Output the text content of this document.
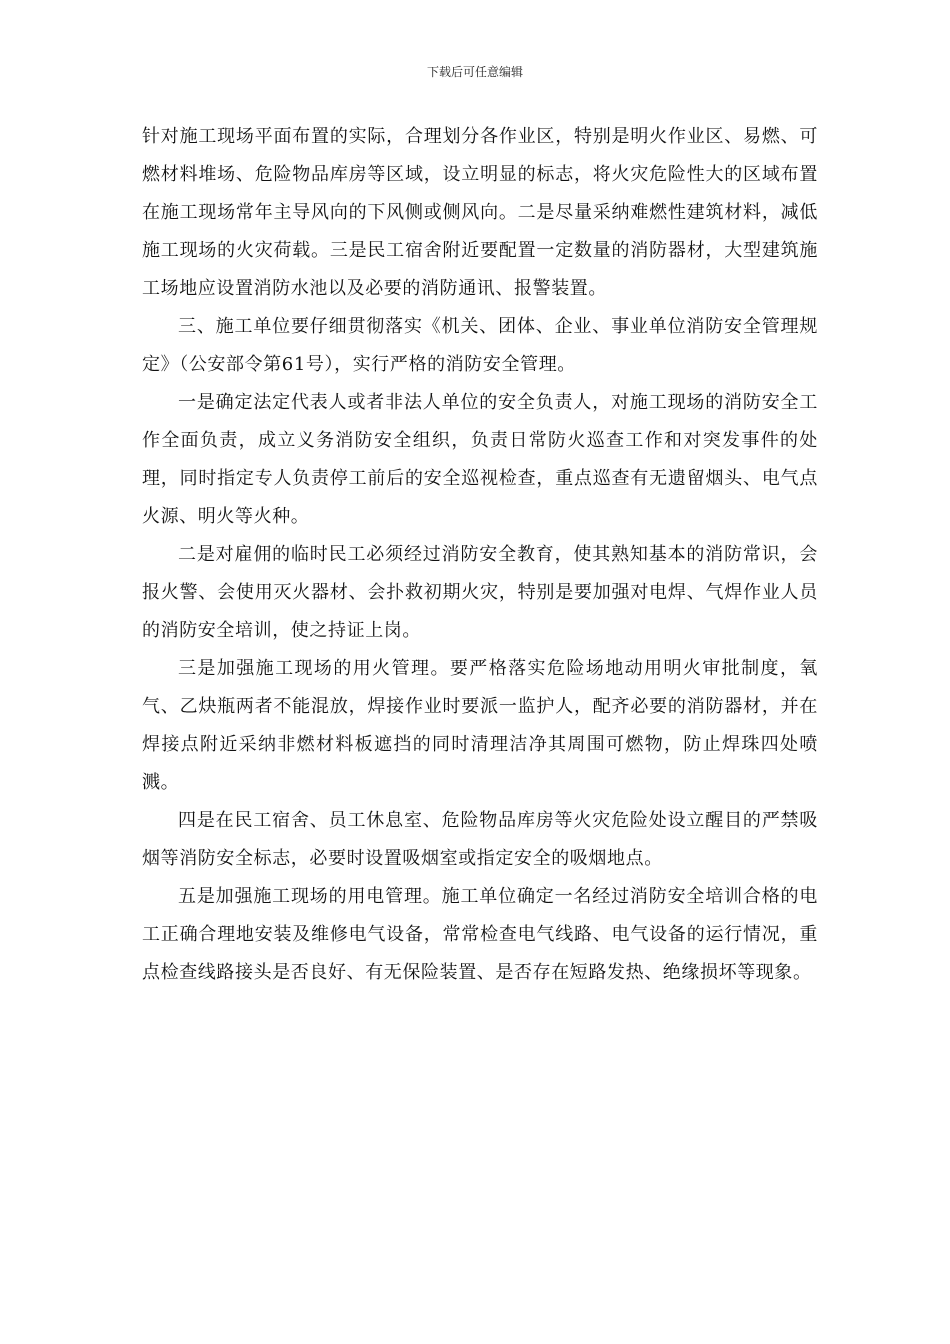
下载后可任意编辑

针对施工现场平面布置的实际，合理划分各作业区，特别是明火作业区、易燃、可燃材料堆场、危险物品库房等区域，设立明显的标志，将火灾危险性大的区域布置在施工现场常年主导风向的下风侧或侧风向。二是尽量采纳难燃性建筑材料，减低施工现场的火灾荷载。三是民工宿舍附近要配置一定数量的消防器材，大型建筑施工场地应设置消防水池以及必要的消防通讯、报警装置。

三、施工单位要仔细贯彻落实《机关、团体、企业、事业单位消防安全管理规定》（公安部令第61号），实行严格的消防安全管理。

一是确定法定代表人或者非法人单位的安全负责人，对施工现场的消防安全工作全面负责，成立义务消防安全组织，负责日常防火巡查工作和对突发事件的处理，同时指定专人负责停工前后的安全巡视检查，重点巡查有无遗留烟头、电气点火源、明火等火种。

二是对雇佣的临时民工必须经过消防安全教育，使其熟知基本的消防常识，会报火警、会使用灭火器材、会扑救初期火灾，特别是要加强对电焊、气焊作业人员的消防安全培训，使之持证上岗。

三是加强施工现场的用火管理。要严格落实危险场地动用明火审批制度，氧气、乙炔瓶两者不能混放，焊接作业时要派一监护人，配齐必要的消防器材，并在焊接点附近采纳非燃材料板遮挡的同时清理洁净其周围可燃物，防止焊珠四处喷溅。

四是在民工宿舍、员工休息室、危险物品库房等火灾危险处设立醒目的严禁吸烟等消防安全标志，必要时设置吸烟室或指定安全的吸烟地点。

五是加强施工现场的用电管理。施工单位确定一名经过消防安全培训合格的电工正确合理地安装及维修电气设备，常常检查电气线路、电气设备的运行情况，重点检查线路接头是否良好、有无保险装置、是否存在短路发热、绝缘损坏等现象。
